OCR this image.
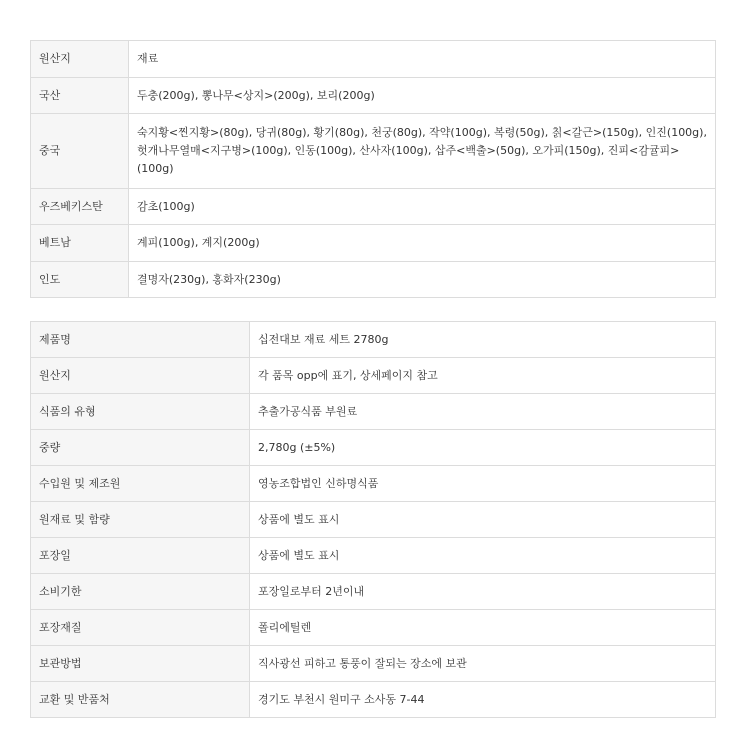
원산지	재료
국산	두충(200g), 뽕나무<상지>(200g), 보리(200g)
중국	숙지황<찐지황>(80g), 당귀(80g), 황기(80g), 천궁(80g), 작약(100g), 복령(50g), 칡<갈근>(150g), 인진(100g), 헛개나무열매<지구병>(100g), 인동(100g), 산사자(100g), 삽주<백출>(50g), 오가피(150g), 진피<감귤피>(100g)
우즈베키스탄	감초(100g)
베트남	계피(100g), 계지(200g)
인도	결명자(230g), 홍화자(230g)
제품명	십전대보 재료 세트 2780g
원산지	각 품목 opp에 표기, 상세페이지 참고
식품의 유형	추출가공식품 부원료
중량	2,780g (±5%)
수입원 및 제조원	영농조합법인 신하명식품
원재료 및 함량	상품에 별도 표시
포장일	상품에 별도 표시
소비기한	포장일로부터 2년이내
포장재질	폴리에틸렌
보관방법	직사광선 피하고 통풍이 잘되는 장소에 보관
교환 및 반품처	경기도 부천시 원미구 소사동 7-44
